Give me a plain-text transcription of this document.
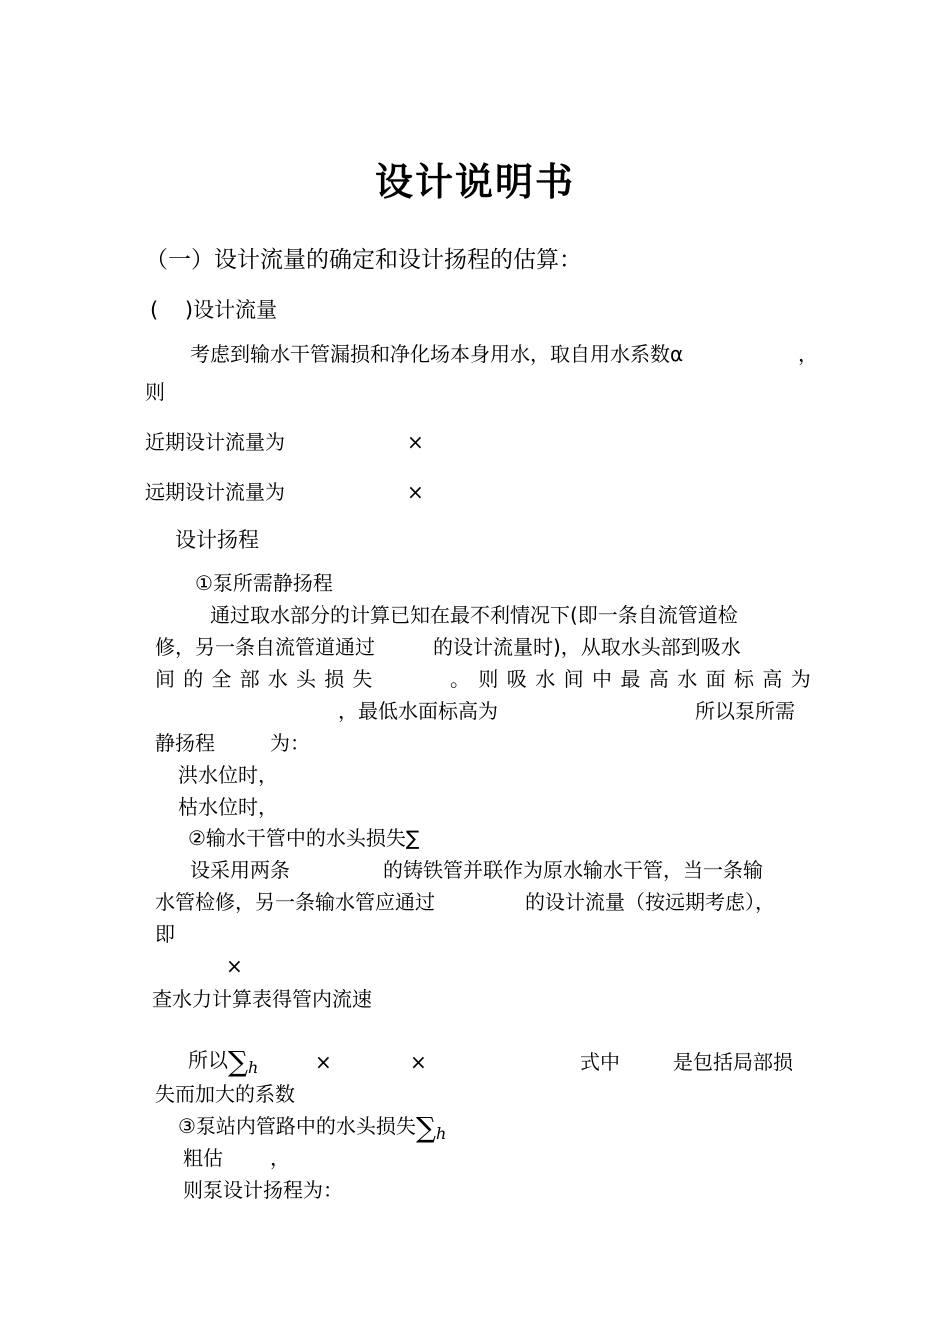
设计说明书
（一）设计流量的确定和设计扬程的估算：
(    )设计流量
考虑到输水干管漏损和净化场本身用水，取自用水系数α	，
则
近期设计流量为	×
远期设计流量为	×
设计扬程
①泵所需静扬程
通过取水部分的计算已知在最不利情况下(即一条自流管道检
修，另一条自流管道通过	的设计流量时)，从取水头部到吸水
间的全部水头损失	。则吸水间中最高水面标高为
，最低水面标高为	所以泵所需
静扬程	为：
洪水位时，
枯水位时，
②输水干管中的水头损失∑
设采用两条	的铸铁管并联作为原水输水干管，当一条输
水管检修，另一条输水管应通过	的设计流量（按远期考虑），
即
×
查水力计算表得管内流速
所以$\sum_h$	×	×	式中	是包括局部损
失而加大的系数
③泵站内管路中的水头损失$\sum_h$
粗估 ，
则泵设计扬程为：
